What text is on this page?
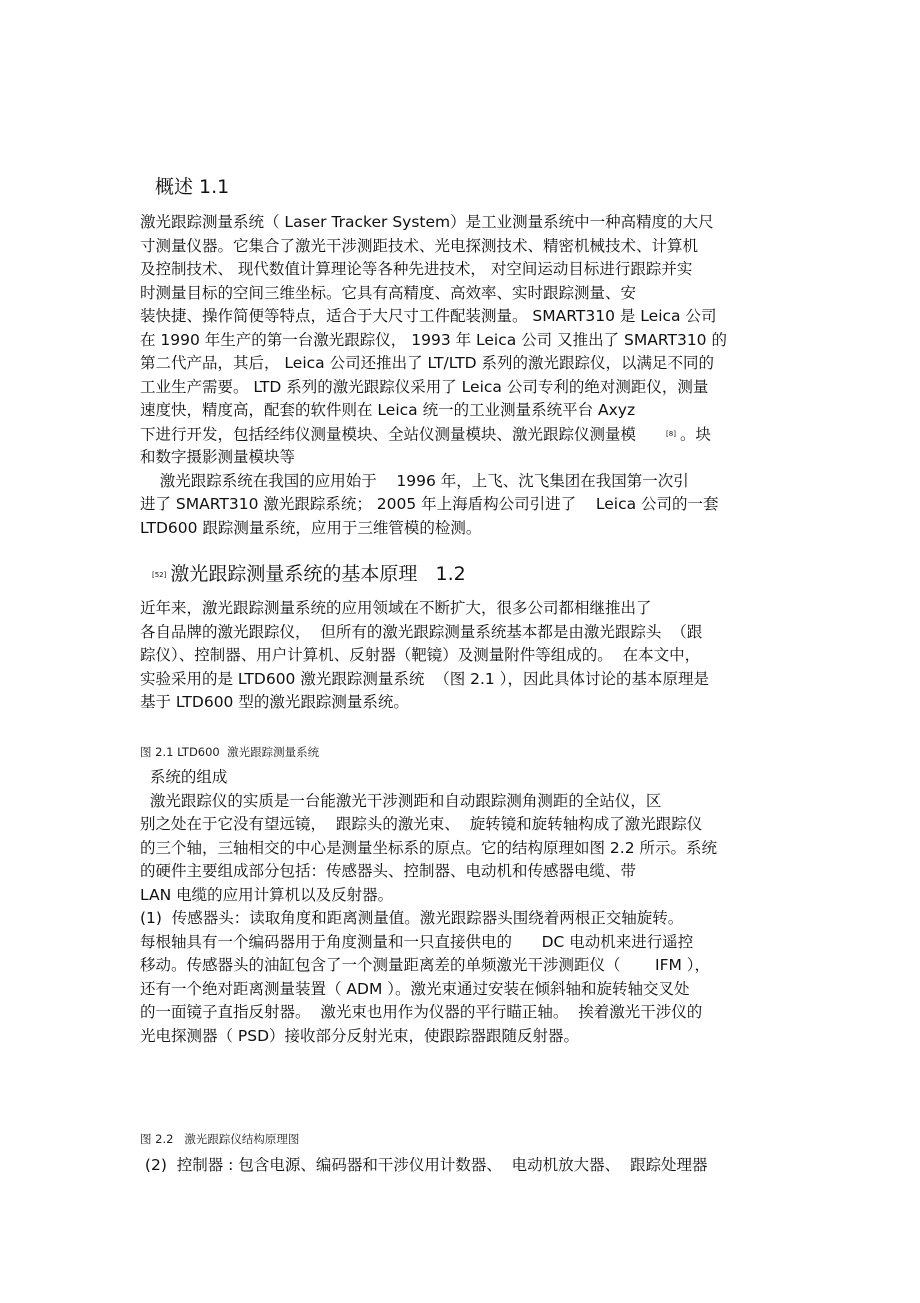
概述 1.1
激光跟踪测量系统（ Laser Tracker System）是工业测量系统中一种高精度的大尺
寸测量仪器。它集合了激光干涉测距技术、光电探测技术、精密机械技术、计算机
及控制技术、 现代数值计算理论等各种先进技术， 对空间运动目标进行跟踪并实
时测量目标的空间三维坐标。它具有高精度、高效率、实时跟踪测量、安
装快捷、操作简便等特点，适合于大尺寸工件配装测量。 SMART310 是 Leica 公司
在 1990 年生产的第一台激光跟踪仪， 1993 年 Leica 公司 又推出了 SMART310 的
第二代产品，其后， Leica 公司还推出了 LT/LTD 系列的激光跟踪仪，以满足不同的
工业生产需要。 LTD 系列的激光跟踪仪采用了 Leica 公司专利的绝对测距仪，测量
速度快，精度高，配套的软件则在 Leica 统一的工业测量系统平台 Axyz
下进行开发，包括经纬仪测量模块、全站仪测量模块、激光跟踪仪测量模	[8] 。块
和数字摄影测量模块等
激光跟踪系统在我国的应用始于    1996 年，上飞、沈飞集团在我国第一次引
进了 SMART310 激光跟踪系统； 2005 年上海盾构公司引进了    Leica 公司的一套
LTD600 跟踪测量系统，应用于三维管模的检测。
[52] 激光跟踪测量系统的基本原理   1.2
近年来，激光跟踪测量系统的应用领域在不断扩大，很多公司都相继推出了
各自品牌的激光跟踪仪，  但所有的激光跟踪测量系统基本都是由激光跟踪头  （跟
踪仪）、控制器、用户计算机、反射器（靶镜）及测量附件等组成的。  在本文中，
实验采用的是 LTD600 激光跟踪测量系统  （图 2.1 ），因此具体讨论的基本原理是
基于 LTD600 型的激光跟踪测量系统。
图 2.1 LTD600  激光跟踪测量系统
系统的组成
激光跟踪仪的实质是一台能激光干涉测距和自动跟踪测角测距的全站仪，区
别之处在于它没有望远镜，  跟踪头的激光束、  旋转镜和旋转轴构成了激光跟踪仪
的三个轴，三轴相交的中心是测量坐标系的原点。它的结构原理如图 2.2 所示。系统
的硬件主要组成部分包括：传感器头、控制器、电动机和传感器电缆、带
LAN 电缆的应用计算机以及反射器。
(1)  传感器头：读取角度和距离测量值。激光跟踪器头围绕着两根正交轴旋转。
每根轴具有一个编码器用于角度测量和一只直接供电的      DC 电动机来进行遥控
移动。传感器头的油缸包含了一个测量距离差的单频激光干涉测距仪（       IFM ），
还有一个绝对距离测量装置（ ADM ）。激光束通过安装在倾斜轴和旋转轴交叉处
的一面镜子直指反射器。  激光束也用作为仪器的平行瞄正轴。  挨着激光干涉仪的
光电探测器（ PSD）接收部分反射光束，使跟踪器跟随反射器。
图 2.2   激光跟踪仪结构原理图
(2)  控制器 : 包含电源、编码器和干涉仪用计数器、  电动机放大器、  跟踪处理器
